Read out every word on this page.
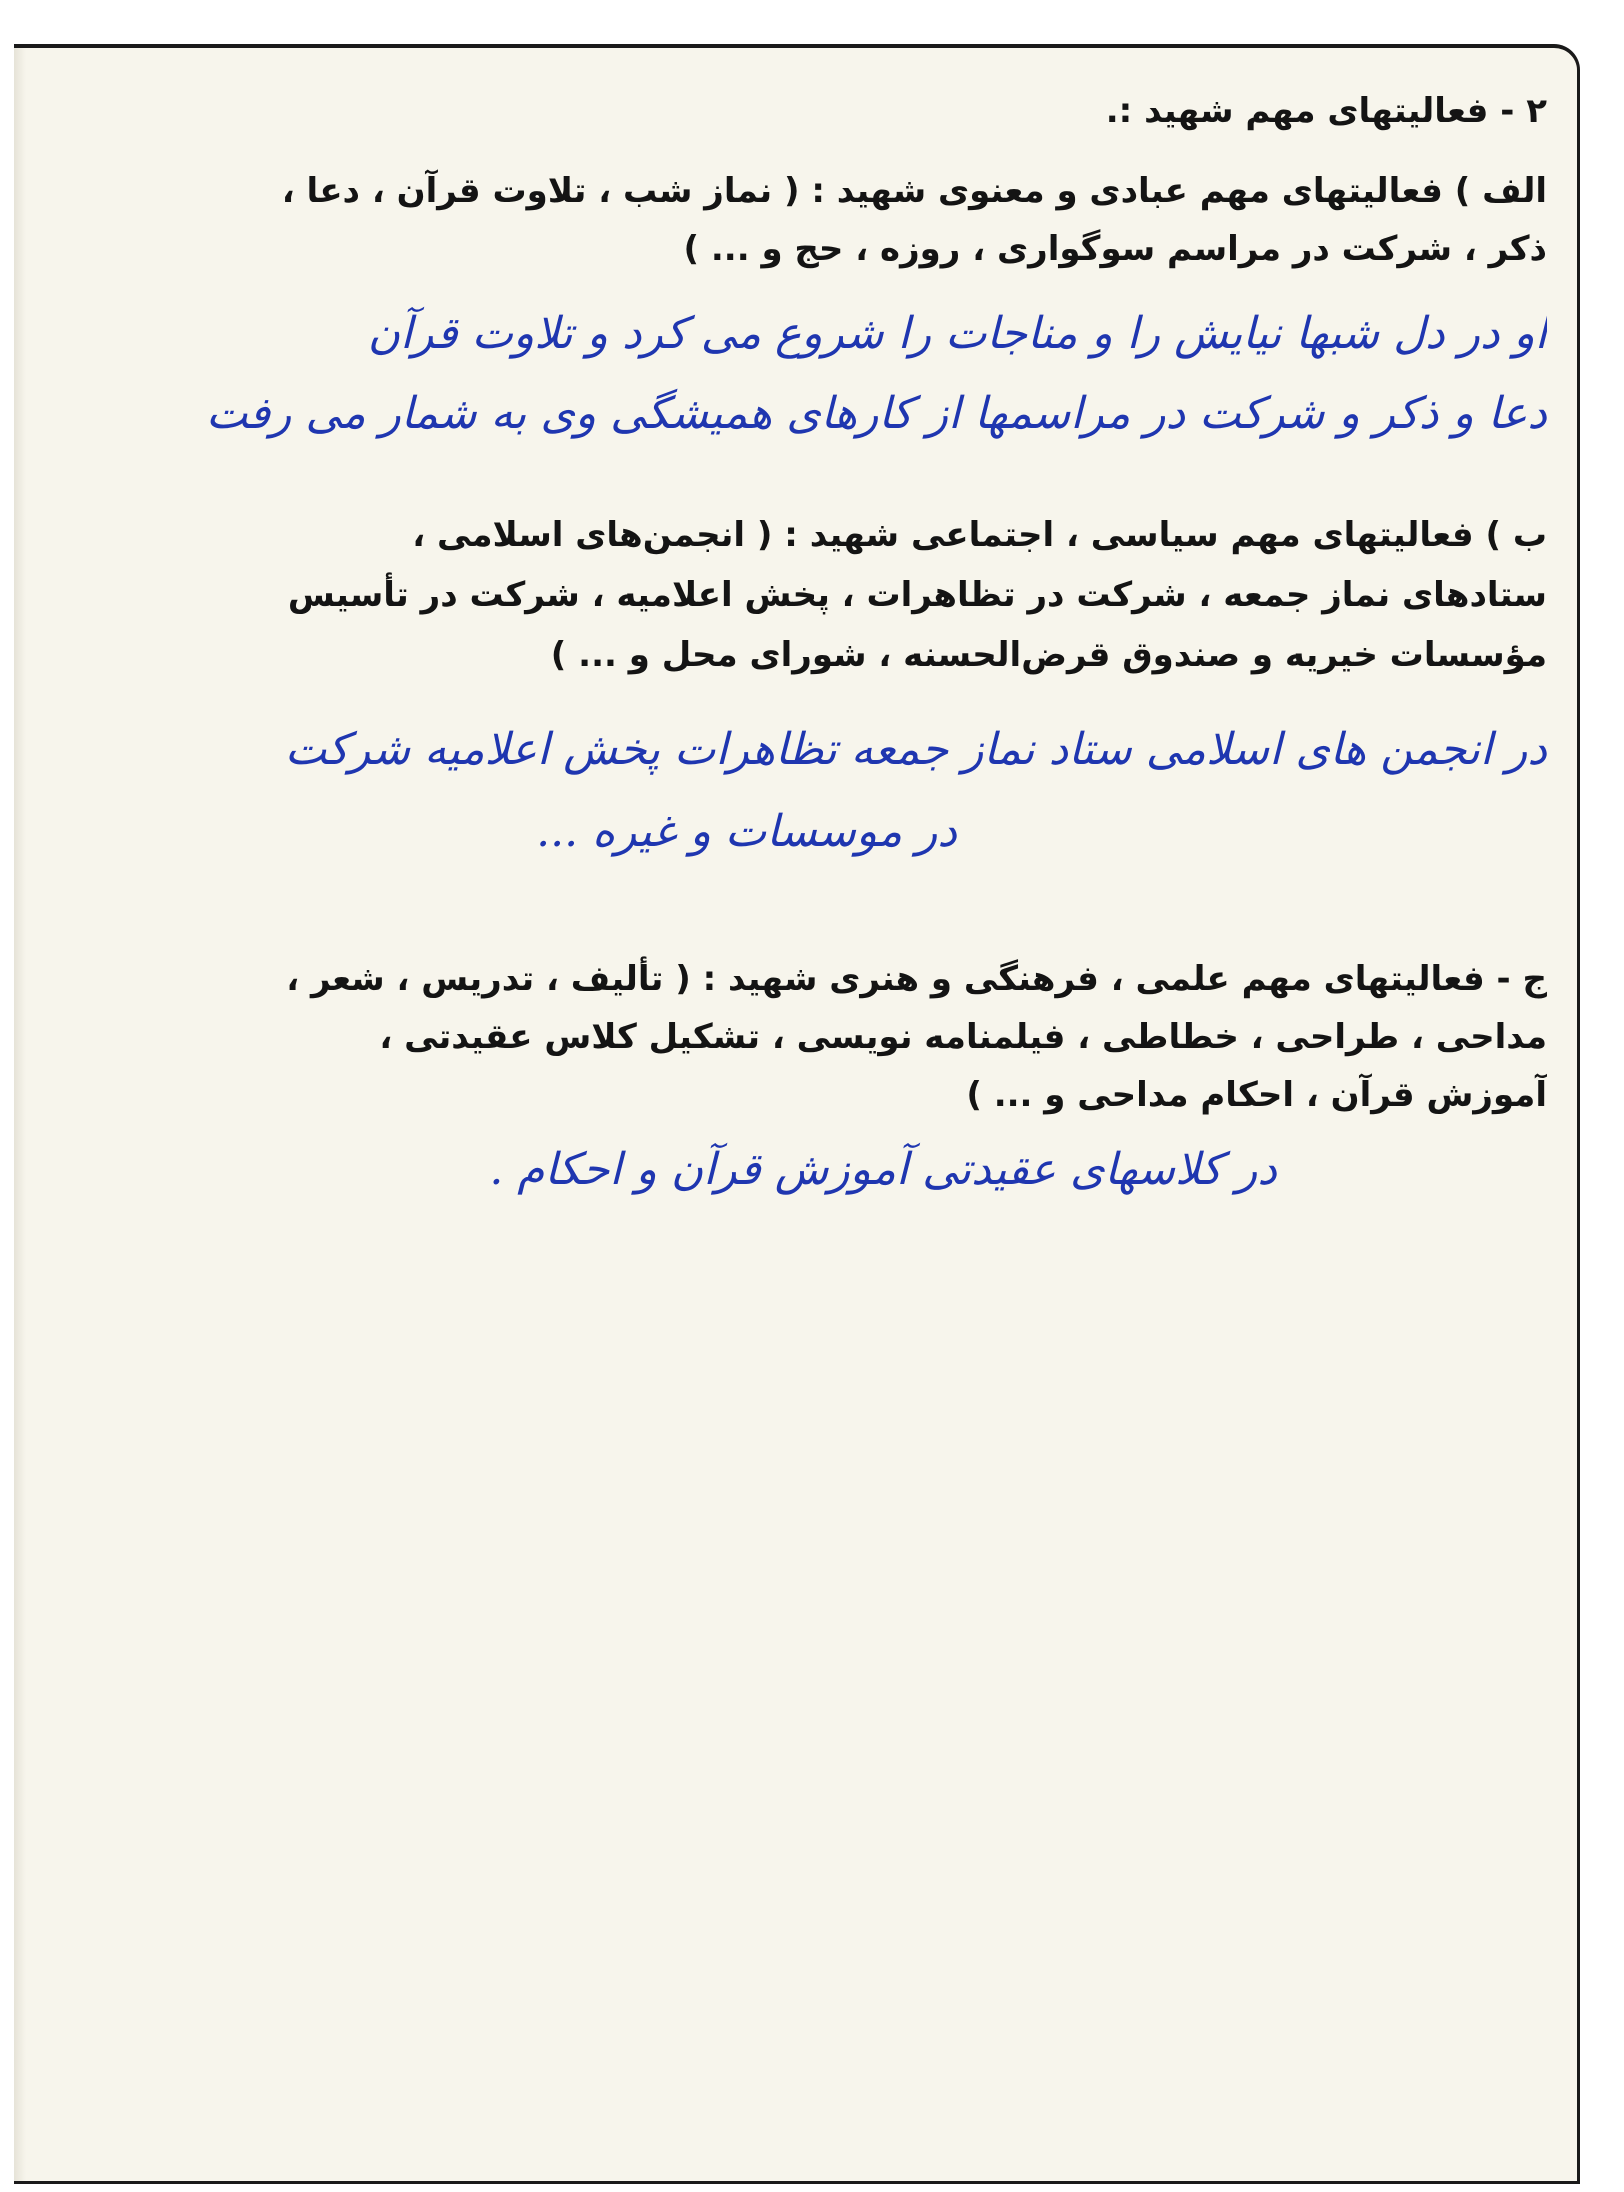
۲ - فعالیتهای مهم شهید :.
الف ) فعالیتهای مهم عبادی و معنوی شهید : ( نماز شب ، تلاوت قرآن ، دعا ،
ذکر ، شرکت در مراسم سوگواری ، روزه ، حج و ... )
او در دل شبها نیایش را و مناجات را شروع می کرد و تلاوت قرآن
دعا و ذکر و شرکت در مراسمها از کارهای همیشگی وی به شمار می رفت
ب ) فعالیتهای مهم سیاسی ، اجتماعی شهید : ( انجمن‌های اسلامی ،
ستادهای نماز جمعه ، شرکت در تظاهرات ، پخش اعلامیه ، شرکت در تأسیس
مؤسسات خیریه و صندوق قرض‌الحسنه ، شورای محل و ... )
در انجمن های اسلامی ستاد نماز جمعه تظاهرات پخش اعلامیه شرکت
در موسسات و غیره ...
ج - فعالیتهای مهم علمی ، فرهنگی و هنری شهید : ( تألیف ، تدریس ، شعر ،
مداحی ، طراحی ، خطاطی ، فیلمنامه نویسی ، تشکیل کلاس عقیدتی ،
آموزش قرآن ، احکام مداحی و ... )
در کلاسهای عقیدتی آموزش قرآن و احکام .
